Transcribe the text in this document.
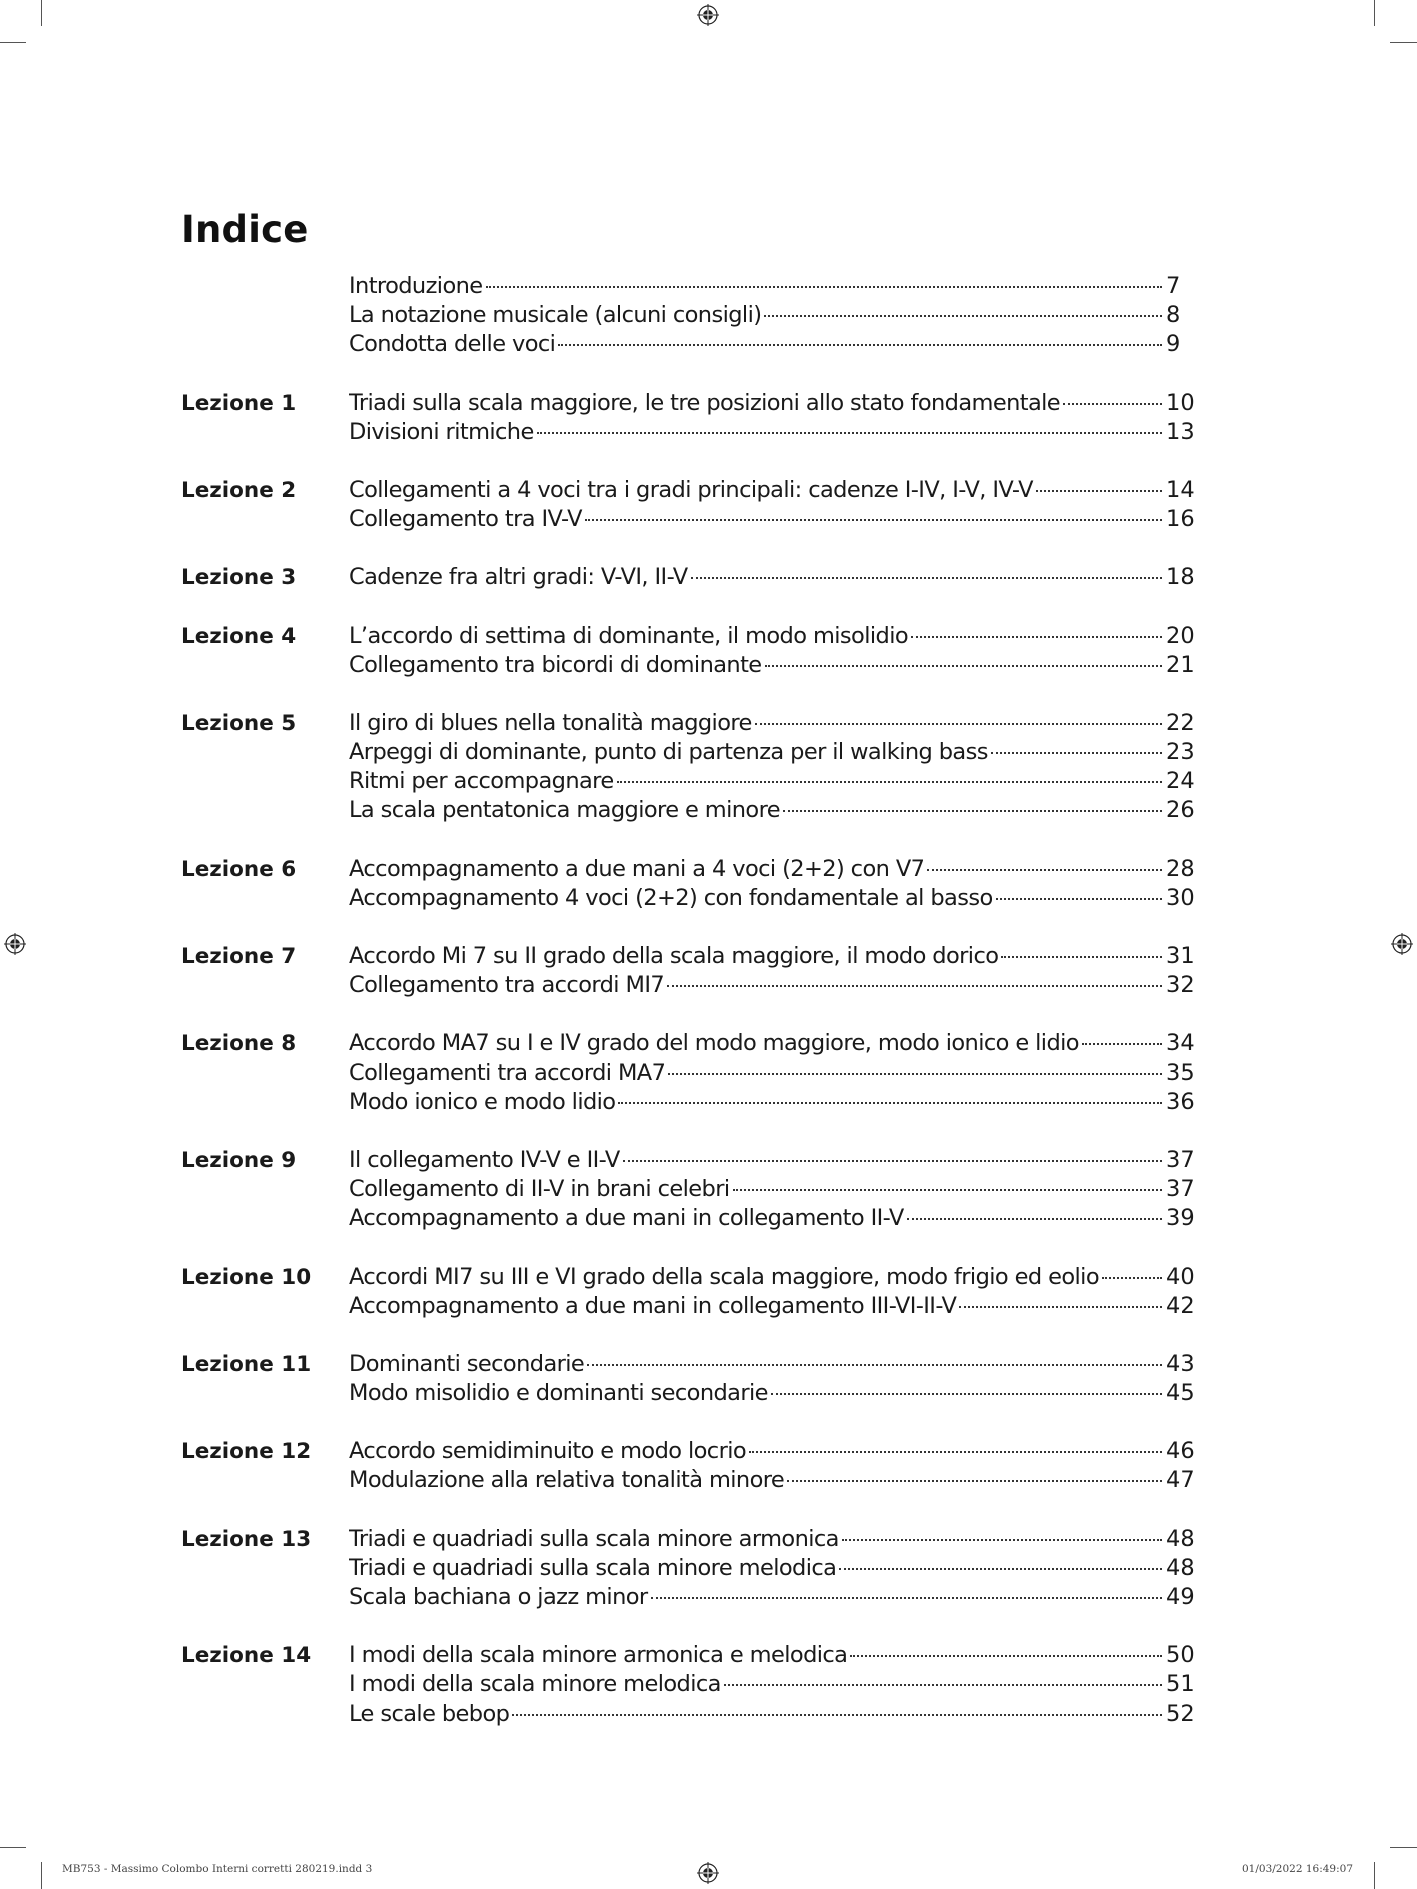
Indice
Introduzione	7
La notazione musicale (alcuni consigli)	8
Condotta delle voci	9
Lezione 1	Triadi sulla scala maggiore, le tre posizioni allo stato fondamentale	10
Divisioni ritmiche	13
Lezione 2	Collegamenti a 4 voci tra i gradi principali: cadenze I-IV, I-V, IV-V	14
Collegamento tra IV-V	16
Lezione 3	Cadenze fra altri gradi: V-VI, II-V	18
Lezione 4	L’accordo di settima di dominante, il modo misolidio	20
Collegamento tra bicordi di dominante	21
Lezione 5	Il giro di blues nella tonalità maggiore	22
Arpeggi di dominante, punto di partenza per il walking bass	23
Ritmi per accompagnare	24
La scala pentatonica maggiore e minore	26
Lezione 6	Accompagnamento a due mani a 4 voci (2+2) con V7	28
Accompagnamento 4 voci (2+2) con fondamentale al basso	30
Lezione 7	Accordo Mi 7 su II grado della scala maggiore, il modo dorico	31
Collegamento tra accordi MI7	32
Lezione 8	Accordo MA7 su I e IV grado del modo maggiore, modo ionico e lidio	34
Collegamenti tra accordi MA7	35
Modo ionico e modo lidio	36
Lezione 9	Il collegamento IV-V e II-V	37
Collegamento di II-V in brani celebri	37
Accompagnamento a due mani in collegamento II-V	39
Lezione 10	Accordi MI7 su III e VI grado della scala maggiore, modo frigio ed eolio	40
Accompagnamento a due mani in collegamento III-VI-II-V	42
Lezione 11	Dominanti secondarie	43
Modo misolidio e dominanti secondarie	45
Lezione 12	Accordo semidiminuito e modo locrio	46
Modulazione alla relativa tonalità minore	47
Lezione 13	Triadi e quadriadi sulla scala minore armonica	48
Triadi e quadriadi sulla scala minore melodica	48
Scala bachiana o jazz minor	49
Lezione 14	I modi della scala minore armonica e melodica	50
I modi della scala minore melodica	51
Le scale bebop	52
MB753 - Massimo Colombo Interni corretti 280219.indd 3	01/03/2022 16:49:07
